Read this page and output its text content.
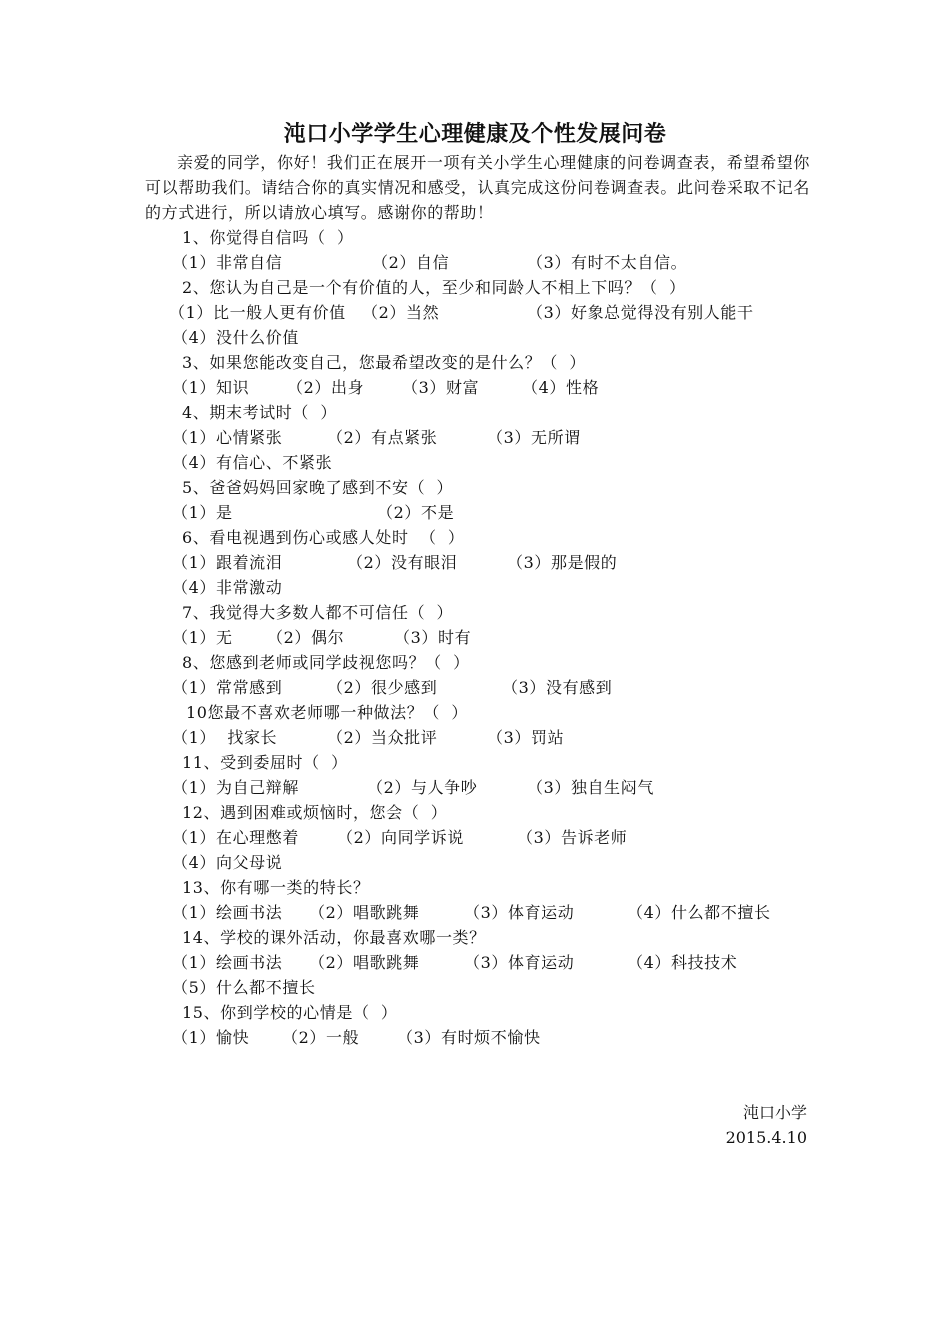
沌口小学学生心理健康及个性发展问卷

亲爱的同学，你好！我们正在展开一项有关小学生心理健康的问卷调查表，希望希望你可以帮助我们。请结合你的真实情况和感受，认真完成这份问卷调查表。此问卷采取不记名的方式进行，所以请放心填写。感谢你的帮助！

1、你觉得自信吗（  ）

（1）非常自信

	（2）自信

	（3）有时不太自信。

2、您认为自己是一个有价值的人，至少和同龄人不相上下吗？（  ）

（1）比一般人更有价值

（2）当然

	（3）好象总觉得没有别人能干

（4）没什么价值
3、如果您能改变自己，您最希望改变的是什么？（  ）

（1）知识

（2）出身

（3）财富

	（4）性格

4、期末考试时（  ）

（1）心情紧张

	（2）有点紧张

	（3）无所谓

（4）有信心、不紧张
5、爸爸妈妈回家晚了感到不安（  ）

（1）是

	（2）不是

6、看电视遇到伤心或感人处时  （  ）

（1）跟着流泪

	（2）没有眼泪

	（3）那是假的

（4）非常激动
7、我觉得大多数人都不可信任（  ）

（1）无

（2）偶尔

	（3）时有

8、您感到老师或同学歧视您吗？（  ）

（1）常常感到

	（2）很少感到

	（3）没有感到

10您最不喜欢老师哪一种做法？（  ）

（1）  找家长

	（2）当众批评

	（3）罚站

11、受到委屈时（  ）

（1）为自己辩解

	（2）与人争吵

	（3）独自生闷气

12、遇到困难或烦恼时，您会（  ）

（1）在心理憋着

（2）向同学诉说

	（3）告诉老师

（4）向父母说
13、你有哪一类的特长？

（1）绘画书法

（2）唱歌跳舞

	（3）体育运动

	（4）什么都不擅长

14、学校的课外活动，你最喜欢哪一类？

（1）绘画书法

（2）唱歌跳舞

	（3）体育运动

	（4）科技技术

（5）什么都不擅长
15、你到学校的心情是（  ）

（1）愉快

（2）一般

（3）有时烦不愉快

沌口小学
2015.4.10
